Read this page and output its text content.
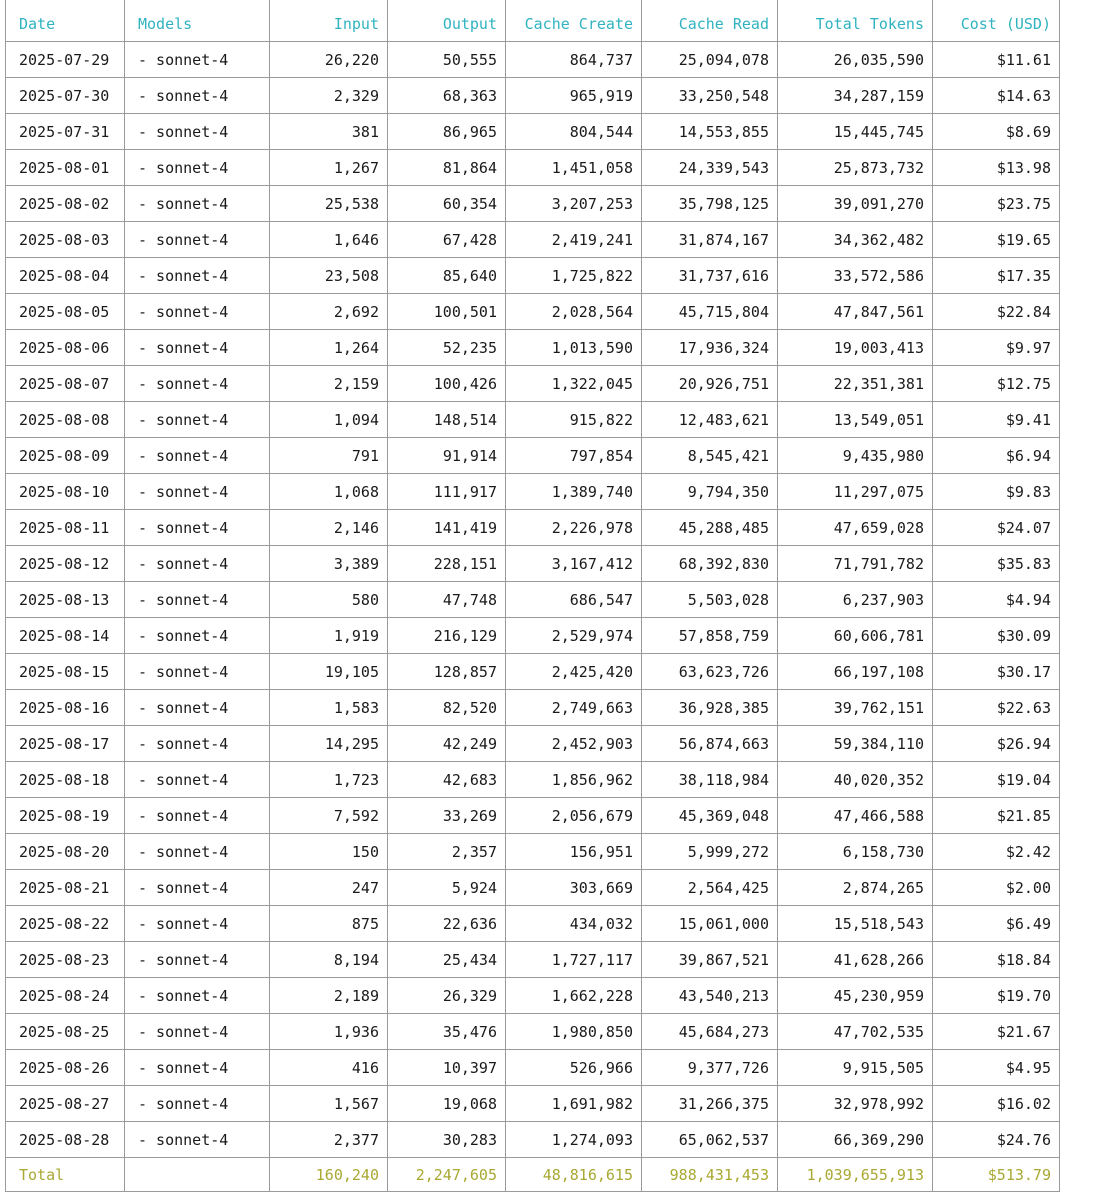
Date	Models	Input	Output	Cache Create	Cache Read	Total Tokens	Cost (USD)
2025-07-29	- sonnet-4	26,220	50,555	864,737	25,094,078	26,035,590	$11.61
2025-07-30	- sonnet-4	2,329	68,363	965,919	33,250,548	34,287,159	$14.63
2025-07-31	- sonnet-4	381	86,965	804,544	14,553,855	15,445,745	$8.69
2025-08-01	- sonnet-4	1,267	81,864	1,451,058	24,339,543	25,873,732	$13.98
2025-08-02	- sonnet-4	25,538	60,354	3,207,253	35,798,125	39,091,270	$23.75
2025-08-03	- sonnet-4	1,646	67,428	2,419,241	31,874,167	34,362,482	$19.65
2025-08-04	- sonnet-4	23,508	85,640	1,725,822	31,737,616	33,572,586	$17.35
2025-08-05	- sonnet-4	2,692	100,501	2,028,564	45,715,804	47,847,561	$22.84
2025-08-06	- sonnet-4	1,264	52,235	1,013,590	17,936,324	19,003,413	$9.97
2025-08-07	- sonnet-4	2,159	100,426	1,322,045	20,926,751	22,351,381	$12.75
2025-08-08	- sonnet-4	1,094	148,514	915,822	12,483,621	13,549,051	$9.41
2025-08-09	- sonnet-4	791	91,914	797,854	8,545,421	9,435,980	$6.94
2025-08-10	- sonnet-4	1,068	111,917	1,389,740	9,794,350	11,297,075	$9.83
2025-08-11	- sonnet-4	2,146	141,419	2,226,978	45,288,485	47,659,028	$24.07
2025-08-12	- sonnet-4	3,389	228,151	3,167,412	68,392,830	71,791,782	$35.83
2025-08-13	- sonnet-4	580	47,748	686,547	5,503,028	6,237,903	$4.94
2025-08-14	- sonnet-4	1,919	216,129	2,529,974	57,858,759	60,606,781	$30.09
2025-08-15	- sonnet-4	19,105	128,857	2,425,420	63,623,726	66,197,108	$30.17
2025-08-16	- sonnet-4	1,583	82,520	2,749,663	36,928,385	39,762,151	$22.63
2025-08-17	- sonnet-4	14,295	42,249	2,452,903	56,874,663	59,384,110	$26.94
2025-08-18	- sonnet-4	1,723	42,683	1,856,962	38,118,984	40,020,352	$19.04
2025-08-19	- sonnet-4	7,592	33,269	2,056,679	45,369,048	47,466,588	$21.85
2025-08-20	- sonnet-4	150	2,357	156,951	5,999,272	6,158,730	$2.42
2025-08-21	- sonnet-4	247	5,924	303,669	2,564,425	2,874,265	$2.00
2025-08-22	- sonnet-4	875	22,636	434,032	15,061,000	15,518,543	$6.49
2025-08-23	- sonnet-4	8,194	25,434	1,727,117	39,867,521	41,628,266	$18.84
2025-08-24	- sonnet-4	2,189	26,329	1,662,228	43,540,213	45,230,959	$19.70
2025-08-25	- sonnet-4	1,936	35,476	1,980,850	45,684,273	47,702,535	$21.67
2025-08-26	- sonnet-4	416	10,397	526,966	9,377,726	9,915,505	$4.95
2025-08-27	- sonnet-4	1,567	19,068	1,691,982	31,266,375	32,978,992	$16.02
2025-08-28	- sonnet-4	2,377	30,283	1,274,093	65,062,537	66,369,290	$24.76
Total		160,240	2,247,605	48,816,615	988,431,453	1,039,655,913	$513.79
